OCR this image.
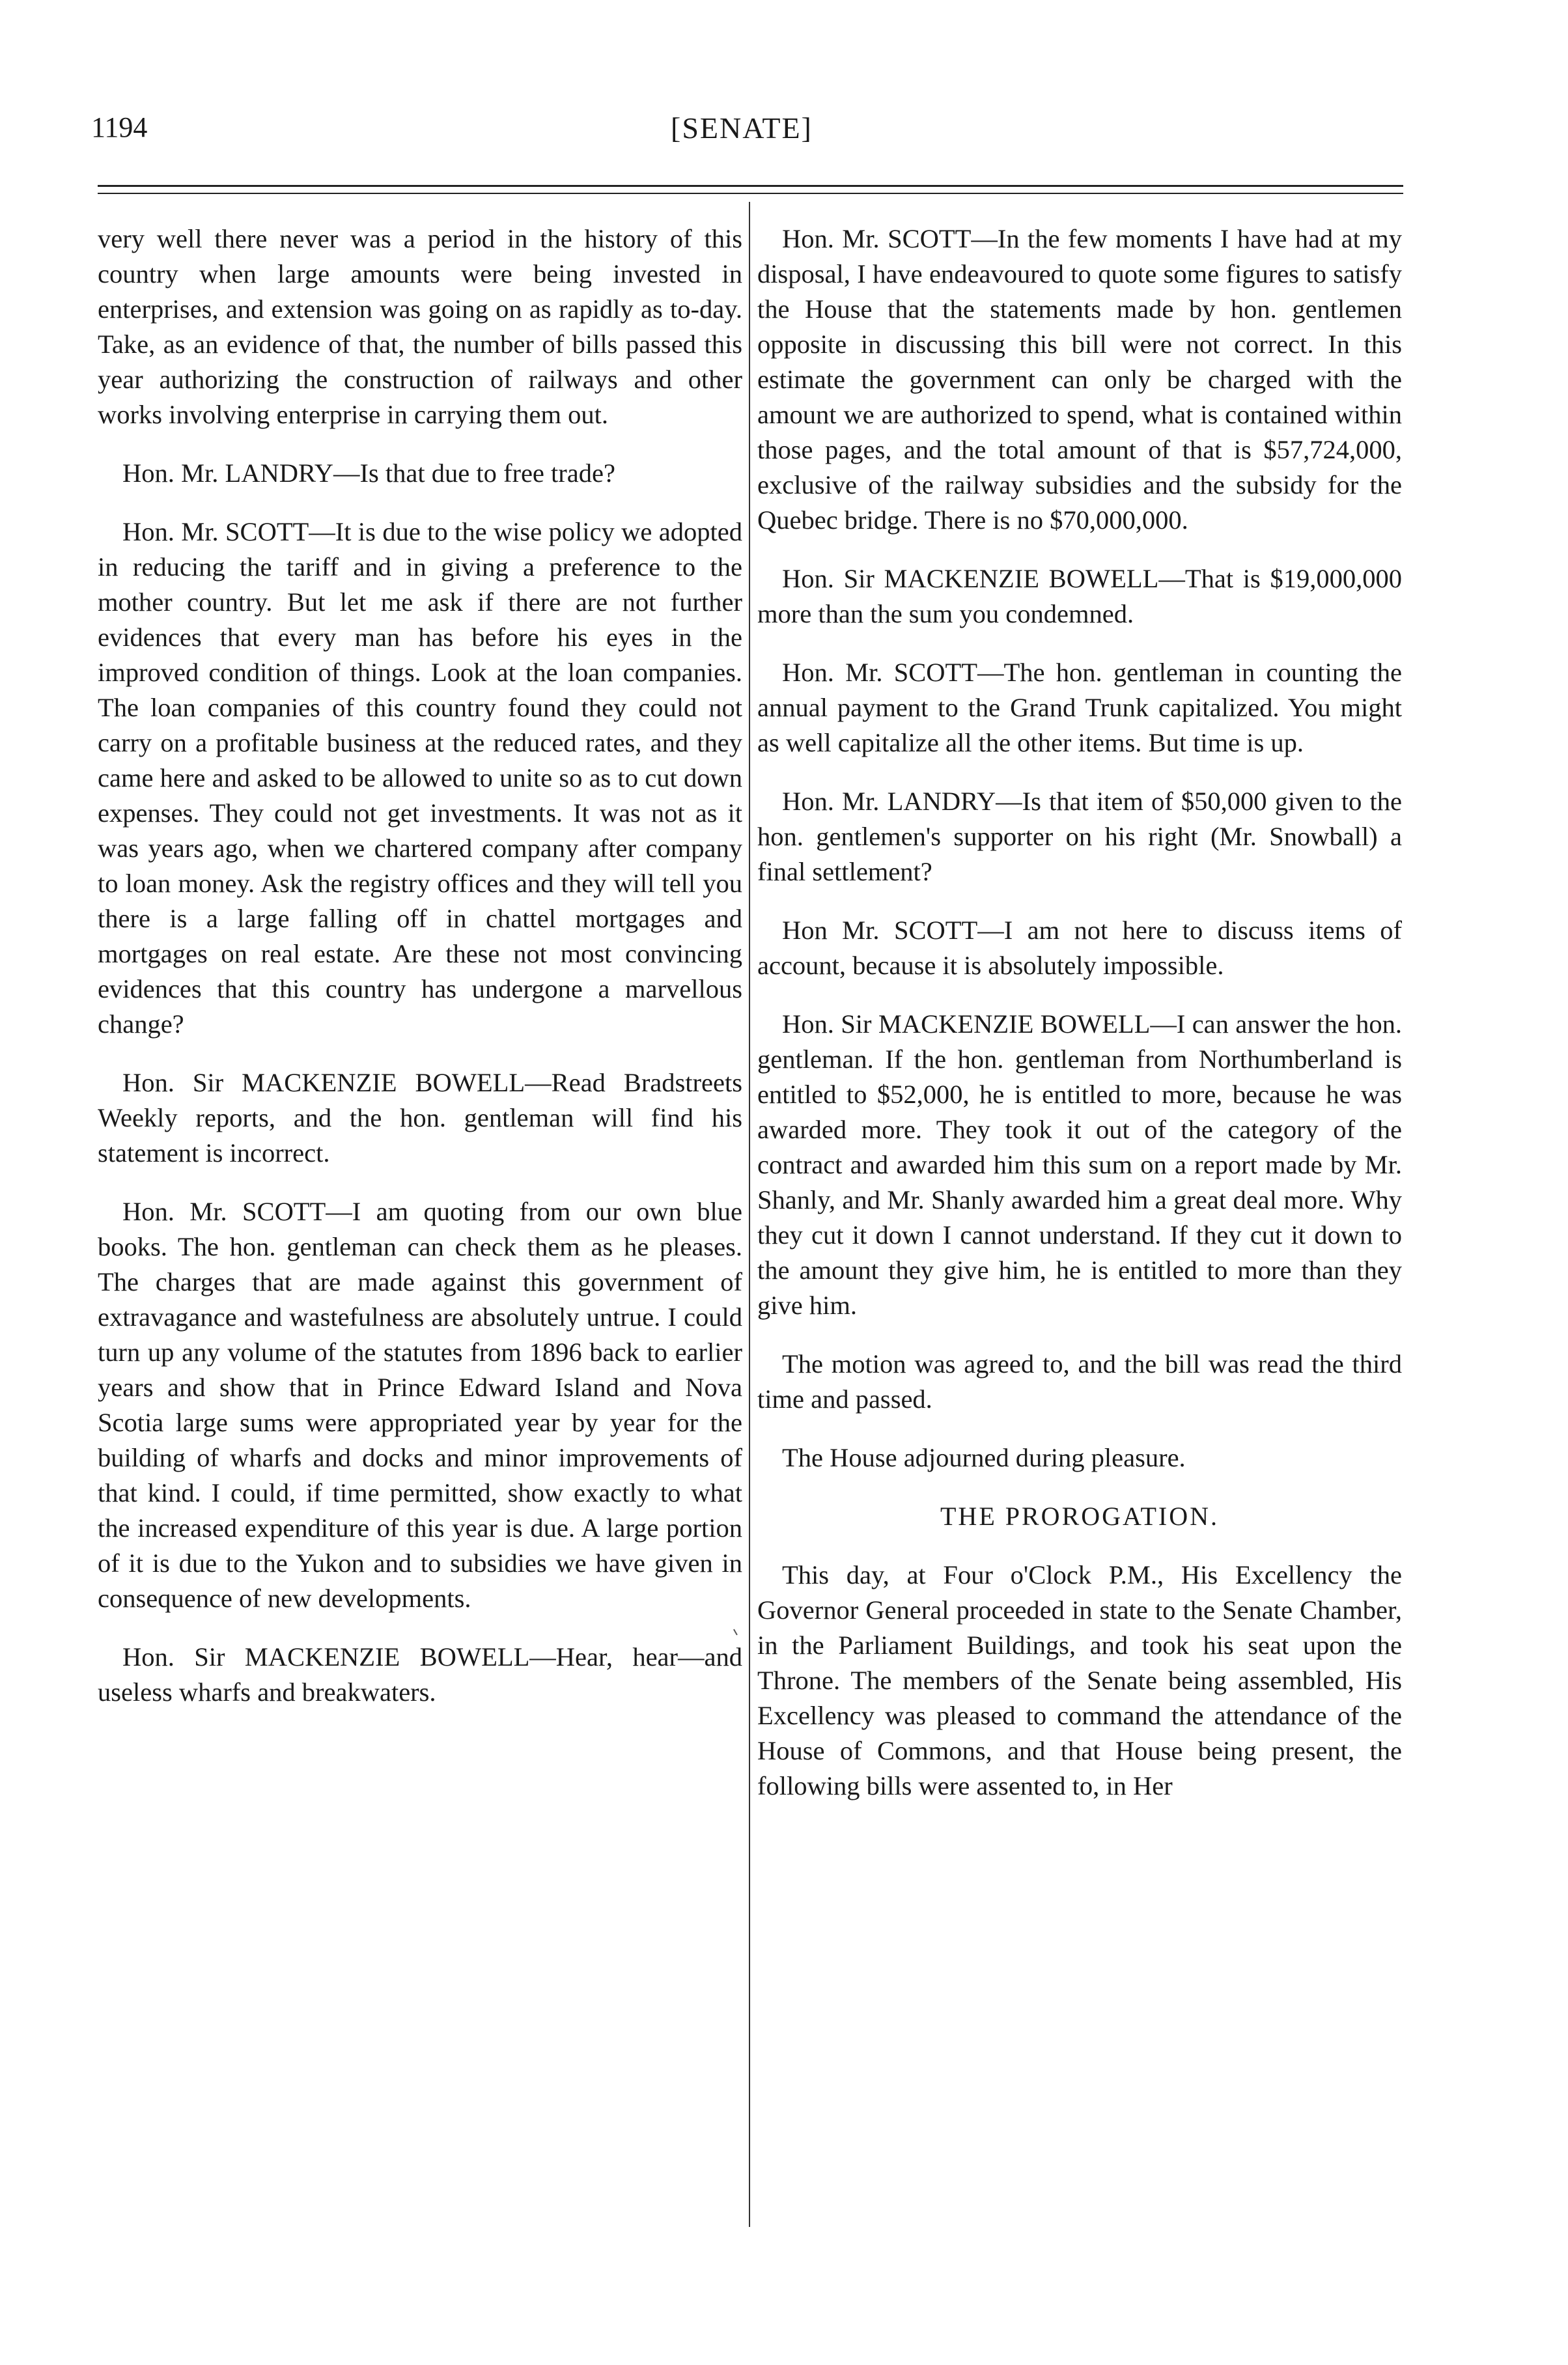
1194	[SENATE]

very well there never was a period in the history of this country when large amounts were being invested in enterprises, and extension was going on as rapidly as to-day. Take, as an evidence of that, the number of bills passed this year authorizing the construction of railways and other works involving enterprise in carrying them out.

Hon. Mr. LANDRY—Is that due to free trade?

Hon. Mr. SCOTT—It is due to the wise policy we adopted in reducing the tariff and in giving a preference to the mother country. But let me ask if there are not further evidences that every man has before his eyes in the improved condition of things. Look at the loan companies. The loan companies of this country found they could not carry on a profitable business at the reduced rates, and they came here and asked to be allowed to unite so as to cut down expenses. They could not get investments. It was not as it was years ago, when we chartered company after company to loan money. Ask the registry offices and they will tell you there is a large falling off in chattel mortgages and mortgages on real estate. Are these not most convincing evidences that this country has undergone a marvellous change?

Hon. Sir MACKENZIE BOWELL—Read Bradstreets Weekly reports, and the hon. gentleman will find his statement is incorrect.

Hon. Mr. SCOTT—I am quoting from our own blue books. The hon. gentleman can check them as he pleases. The charges that are made against this government of extravagance and wastefulness are absolutely untrue. I could turn up any volume of the statutes from 1896 back to earlier years and show that in Prince Edward Island and Nova Scotia large sums were appropriated year by year for the building of wharfs and docks and minor improvements of that kind. I could, if time permitted, show exactly to what the increased expenditure of this year is due. A large portion of it is due to the Yukon and to subsidies we have given in consequence of new developments.

Hon. Sir MACKENZIE BOWELL—Hear, hear—and useless wharfs and breakwaters.

Hon. Mr. SCOTT—In the few moments I have had at my disposal, I have endeavoured to quote some figures to satisfy the House that the statements made by hon. gentlemen opposite in discussing this bill were not correct. In this estimate the government can only be charged with the amount we are authorized to spend, what is contained within those pages, and the total amount of that is $57,724,000, exclusive of the railway subsidies and the subsidy for the Quebec bridge. There is no $70,000,000.

Hon. Sir MACKENZIE BOWELL—That is $19,000,000 more than the sum you condemned.

Hon. Mr. SCOTT—The hon. gentleman in counting the annual payment to the Grand Trunk capitalized. You might as well capitalize all the other items. But time is up.

Hon. Mr. LANDRY—Is that item of $50,000 given to the hon. gentlemen's supporter on his right (Mr. Snowball) a final settlement?

Hon Mr. SCOTT—I am not here to discuss items of account, because it is absolutely impossible.

Hon. Sir MACKENZIE BOWELL—I can answer the hon. gentleman. If the hon. gentleman from Northumberland is entitled to $52,000, he is entitled to more, because he was awarded more. They took it out of the category of the contract and awarded him this sum on a report made by Mr. Shanly, and Mr. Shanly awarded him a great deal more. Why they cut it down I cannot understand. If they cut it down to the amount they give him, he is entitled to more than they give him.

The motion was agreed to, and the bill was read the third time and passed.

The House adjourned during pleasure.

THE PROROGATION.

This day, at Four o'Clock P.M., His Excellency the Governor General proceeded in state to the Senate Chamber, in the Parliament Buildings, and took his seat upon the Throne. The members of the Senate being assembled, His Excellency was pleased to command the attendance of the House of Commons, and that House being present, the following bills were assented to, in Her
